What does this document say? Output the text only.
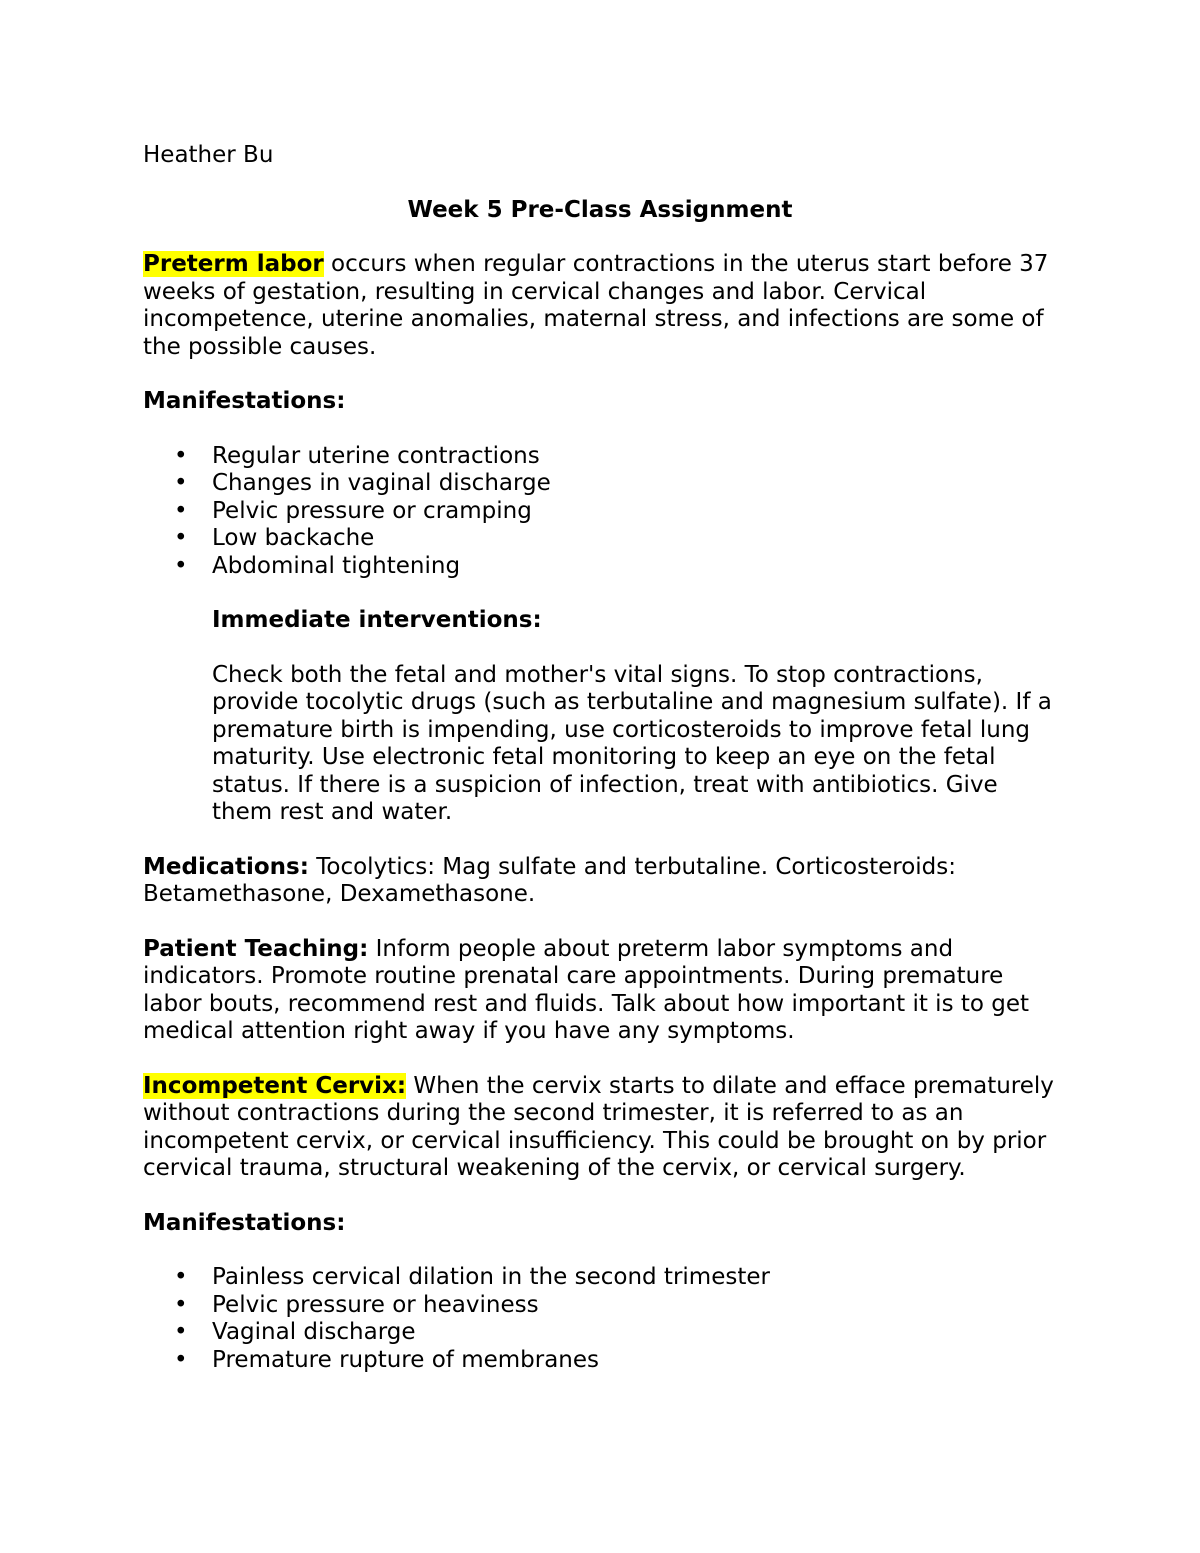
Heather Bu

Week 5 Pre-Class Assignment

Preterm labor occurs when regular contractions in the uterus start before 37 weeks of gestation, resulting in cervical changes and labor. Cervical incompetence, uterine anomalies, maternal stress, and infections are some of the possible causes.

Manifestations:

• Regular uterine contractions
• Changes in vaginal discharge
• Pelvic pressure or cramping
• Low backache
• Abdominal tightening

Immediate interventions:

Check both the fetal and mother's vital signs. To stop contractions, provide tocolytic drugs (such as terbutaline and magnesium sulfate). If a premature birth is impending, use corticosteroids to improve fetal lung maturity. Use electronic fetal monitoring to keep an eye on the fetal status. If there is a suspicion of infection, treat with antibiotics. Give them rest and water.

Medications: Tocolytics: Mag sulfate and terbutaline. Corticosteroids: Betamethasone, Dexamethasone.

Patient Teaching: Inform people about preterm labor symptoms and indicators. Promote routine prenatal care appointments. During premature labor bouts, recommend rest and fluids. Talk about how important it is to get medical attention right away if you have any symptoms.

Incompetent Cervix: When the cervix starts to dilate and efface prematurely without contractions during the second trimester, it is referred to as an incompetent cervix, or cervical insufficiency. This could be brought on by prior cervical trauma, structural weakening of the cervix, or cervical surgery.

Manifestations:

• Painless cervical dilation in the second trimester
• Pelvic pressure or heaviness
• Vaginal discharge
• Premature rupture of membranes
